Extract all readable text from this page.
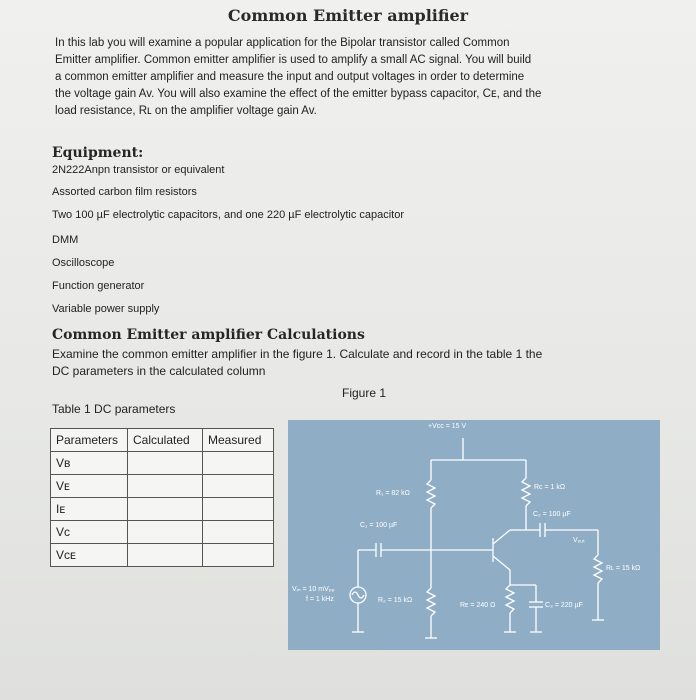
Common Emitter amplifier
In this lab you will examine a popular application for the Bipolar transistor called Common
Emitter amplifier. Common emitter amplifier is used to amplify a small AC signal. You will build
a common emitter amplifier and measure the input and output voltages in order to determine
the voltage gain Av. You will also examine the effect of the emitter bypass capacitor, Cᴇ, and the
load resistance, Rʟ on the amplifier voltage gain Av.
Equipment:
2N222Anpn transistor or equivalent
Assorted carbon film resistors
Two 100 µF electrolytic capacitors, and one 220 µF electrolytic capacitor
DMM
Oscilloscope
Function generator
Variable power supply
Common Emitter amplifier Calculations
Examine the common emitter amplifier in the figure 1. Calculate and record in the table 1 the
DC parameters in the calculated column
Figure 1
Table 1 DC parameters
Parameters	Calculated	Measured
Vʙ		
Vᴇ		
Iᴇ		
Vc		
Vcᴇ		
+Vᴄᴄ = 15 V
R₁ = 82 kΩ
Rᴄ = 1 kΩ
C₂ = 100 µF
C₁ = 100 µF
Vₒᵤₜ
Rʟ = 15 kΩ
Vᵢₙ = 10 mVₚₚ
f = 1 kHz	R₂ = 15 kΩ
Rᴇ = 240 Ω	C₃ = 220 µF
